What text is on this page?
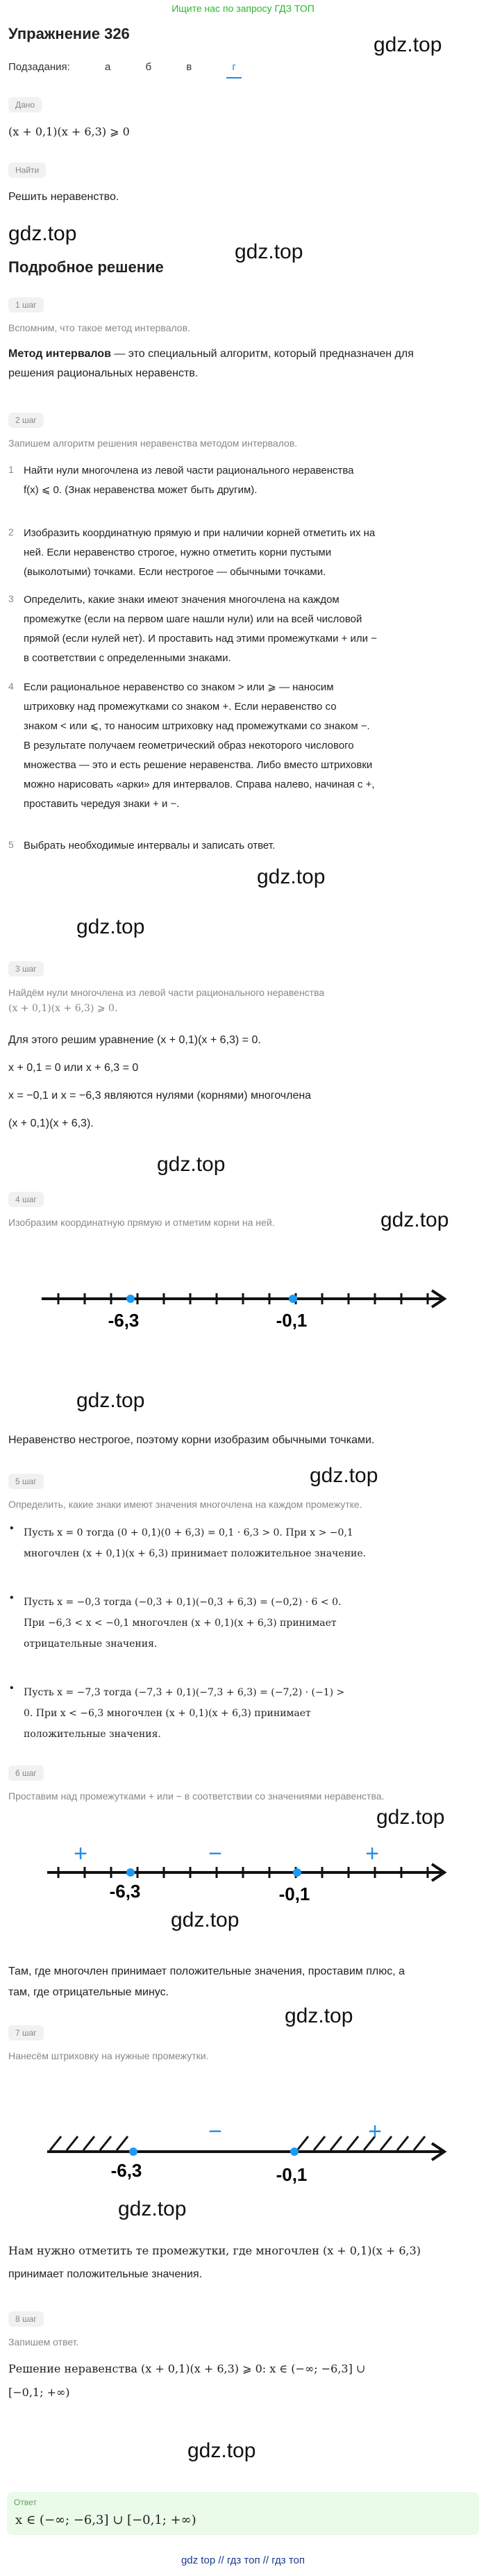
Ищите нас по запросу ГДЗ ТОП
Упражнение 326	gdz.top
Подзадания:	а	б	в	г
Дано
(x + 0,1)(x + 6,3) ⩾ 0
Найти
Решить неравенство.
gdz.top
Подробное решение
gdz.top
1 шаг
Вспомним, что такое метод интервалов.
Метод интервалов — это специальный алгоритм, который предназначен для
решения рациональных неравенств.
2 шаг
Запишем алгоритм решения неравенства методом интервалов.
1 Найти нули многочлена из левой части рационального неравенства
f(x) ⩽ 0. (Знак неравенства может быть другим).
2 Изобразить координатную прямую и при наличии корней отметить их на
ней. Если неравенство строгое, нужно отметить корни пустыми
(выколотыми) точками. Если нестрогое — обычными точками.
3 Определить, какие знаки имеют значения многочлена на каждом
промежутке (если на первом шаге нашли нули) или на всей числовой
прямой (если нулей нет). И проставить над этими промежутками + или −
в соответствии с определенными знаками.
4 Если рациональное неравенство со знаком > или ⩾ — наносим
штриховку над промежутками со знаком +. Если неравенство со
знаком < или ⩽, то наносим штриховку над промежутками со знаком −.
В результате получаем геометрический образ некоторого числового
множества — это и есть решение неравенства. Либо вместо штриховки
можно нарисовать «арки» для интервалов. Справа налево, начиная с +,
проставить чередуя знаки + и −.
5 Выбрать необходимые интервалы и записать ответ.
gdz.top
gdz.top
3 шаг
Найдём нули многочлена из левой части рационального неравенства
(x + 0,1)(x + 6,3) ⩾ 0.
Для этого решим уравнение (x + 0,1)(x + 6,3) = 0.
x + 0,1 = 0 или x + 6,3 = 0
x = −0,1 и x = −6,3 являются нулями (корнями) многочлена
(x + 0,1)(x + 6,3).
gdz.top
4 шаг
Изобразим координатную прямую и отметим корни на ней.	gdz.top
-6,3	-0,1
gdz.top
Неравенство нестрогое, поэтому корни изобразим обычными точками.
gdz.top
5 шаг
Определить, какие знаки имеют значения многочлена на каждом промежутке.
•	Пусть x = 0 тогда (0 + 0,1)(0 + 6,3) = 0,1 · 6,3 > 0. При x > −0,1
многочлен (x + 0,1)(x + 6,3) принимает положительное значение.
•	Пусть x = −0,3 тогда (−0,3 + 0,1)(−0,3 + 6,3) = (−0,2) · 6 < 0.
При −6,3 < x < −0,1 многочлен (x + 0,1)(x + 6,3) принимает
отрицательные значения.
•	Пусть x = −7,3 тогда (−7,3 + 0,1)(−7,3 + 6,3) = (−7,2) · (−1) >
0. При x < −6,3 многочлен (x + 0,1)(x + 6,3) принимает
положительные значения.
6 шаг
Проставим над промежутками + или − в соответствии со значениями неравенства.
gdz.top
+	−	+
-6,3	-0,1
gdz.top
Там, где многочлен принимает положительные значения, проставим плюс, а
там, где отрицательные минус.
gdz.top
7 шаг
Нанесём штриховку на нужные промежутки.
−	+
-6,3	-0,1
gdz.top
Нам нужно отметить те промежутки, где многочлен (x + 0,1)(x + 6,3)
принимает положительные значения.
8 шаг
Запишем ответ.
Решение неравенства (x + 0,1)(x + 6,3) ⩾ 0: x ∈ (−∞; −6,3] ∪
[−0,1; +∞)
gdz.top
Ответ
x ∈ (−∞; −6,3] ∪ [−0,1; +∞)
gdz top // гдз топ // гдз топ
